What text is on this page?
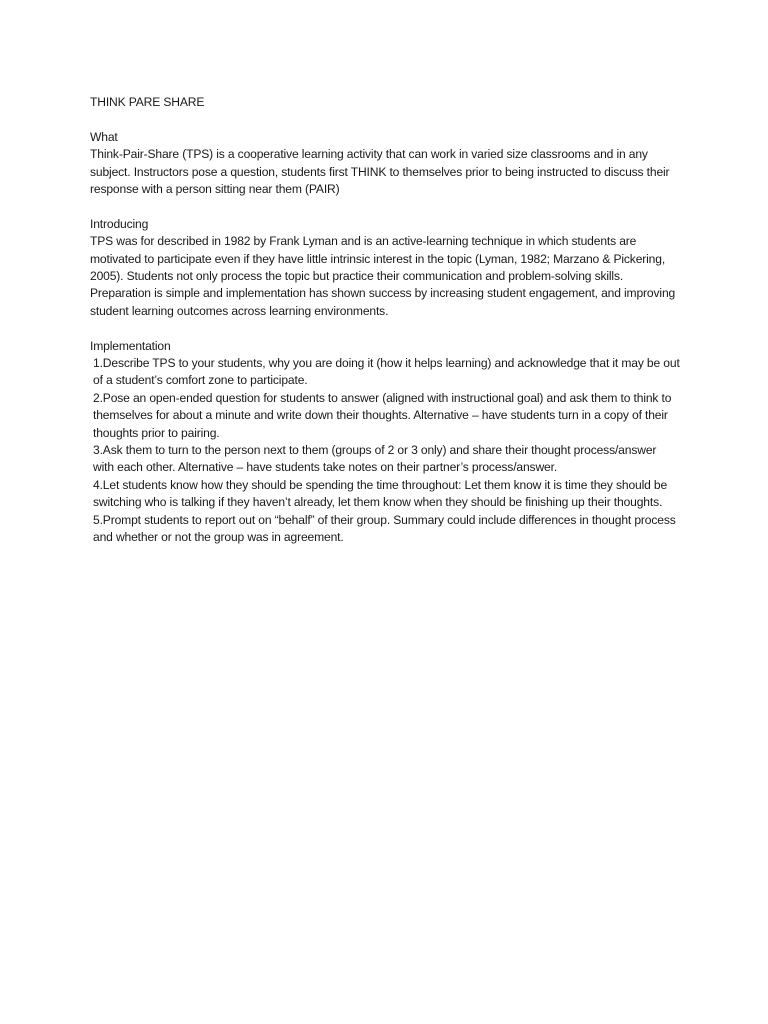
THINK PARE SHARE

What

Think-Pair-Share (TPS) is a cooperative learning activity that can work in varied size classrooms and in any subject. Instructors pose a question, students first THINK to themselves prior to being instructed to discuss their response with a person sitting near them (PAIR)

Introducing

TPS was for described in 1982 by Frank Lyman and is an active-learning technique in which students are motivated to participate even if they have little intrinsic interest in the topic (Lyman, 1982; Marzano & Pickering, 2005). Students not only process the topic but practice their communication and problem-solving skills. Preparation is simple and implementation has shown success by increasing student engagement, and improving student learning outcomes across learning environments.

Implementation

1.Describe TPS to your students, why you are doing it (how it helps learning) and acknowledge that it may be out of a student’s comfort zone to participate.
2.Pose an open-ended question for students to answer (aligned with instructional goal) and ask them to think to themselves for about a minute and write down their thoughts. Alternative – have students turn in a copy of their thoughts prior to pairing.
3.Ask them to turn to the person next to them (groups of 2 or 3 only) and share their thought process/answer with each other. Alternative – have students take notes on their partner’s process/answer.
4.Let students know how they should be spending the time throughout: Let them know it is time they should be switching who is talking if they haven’t already, let them know when they should be finishing up their thoughts.
5.Prompt students to report out on “behalf” of their group. Summary could include differences in thought process and whether or not the group was in agreement.
